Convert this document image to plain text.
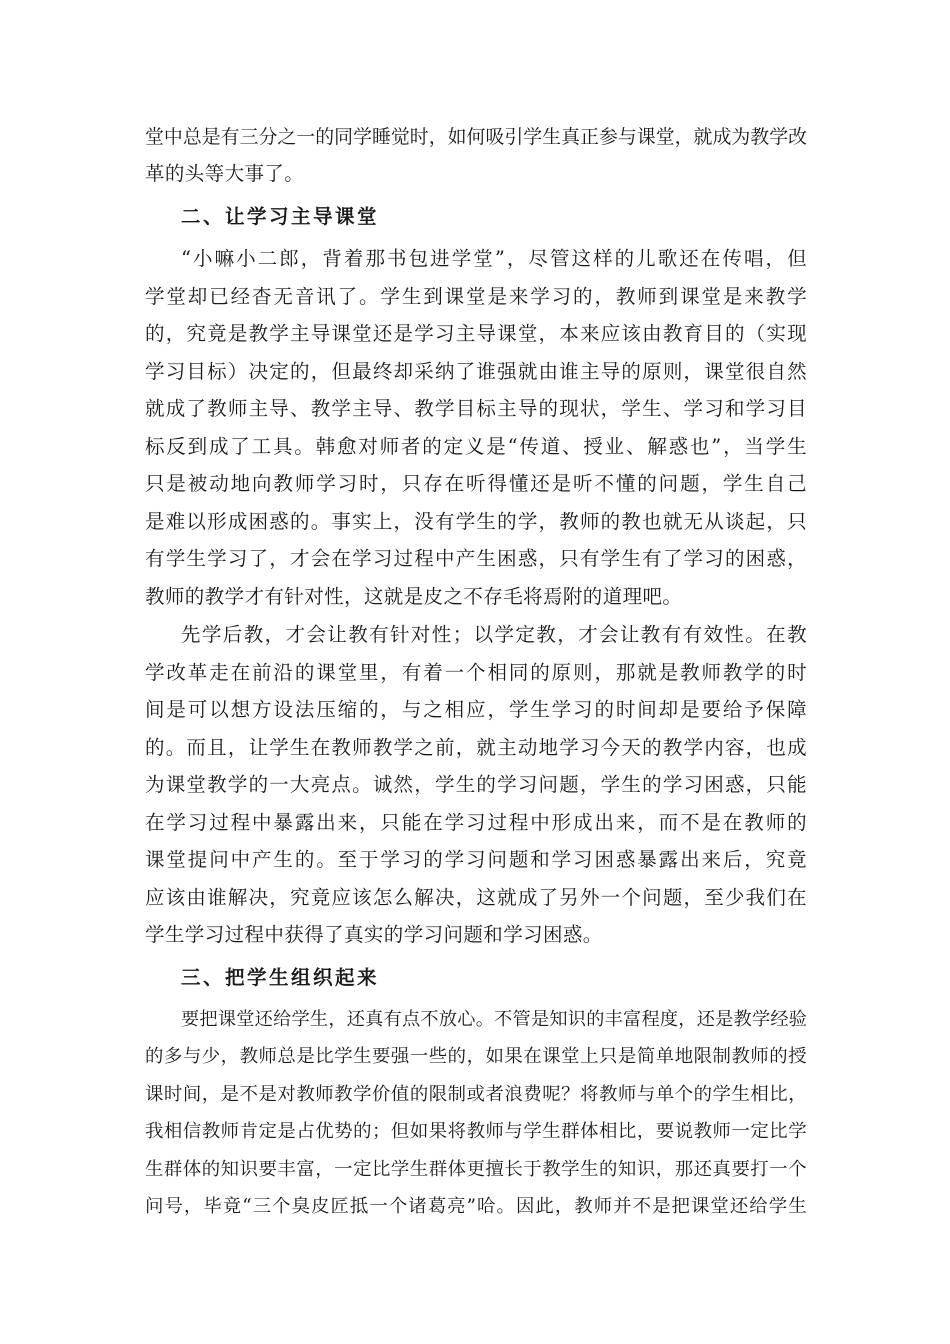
堂中总是有三分之一的同学睡觉时，如何吸引学生真正参与课堂，就成为教学改
革的头等大事了。
二、让学习主导课堂
“小嘛小二郎，背着那书包进学堂”，尽管这样的儿歌还在传唱，但
学堂却已经杳无音讯了。学生到课堂是来学习的，教师到课堂是来教学
的，究竟是教学主导课堂还是学习主导课堂，本来应该由教育目的（实现
学习目标）决定的，但最终却采纳了谁强就由谁主导的原则，课堂很自然
就成了教师主导、教学主导、教学目标主导的现状，学生、学习和学习目
标反到成了工具。韩愈对师者的定义是“传道、授业、解惑也”，当学生
只是被动地向教师学习时，只存在听得懂还是听不懂的问题，学生自己
是难以形成困惑的。事实上，没有学生的学，教师的教也就无从谈起，只
有学生学习了，才会在学习过程中产生困惑，只有学生有了学习的困惑，
教师的教学才有针对性，这就是皮之不存毛将焉附的道理吧。
先学后教，才会让教有针对性；以学定教，才会让教有有效性。在教
学改革走在前沿的课堂里，有着一个相同的原则，那就是教师教学的时
间是可以想方设法压缩的，与之相应，学生学习的时间却是要给予保障
的。而且，让学生在教师教学之前，就主动地学习今天的教学内容，也成
为课堂教学的一大亮点。诚然，学生的学习问题，学生的学习困惑，只能
在学习过程中暴露出来，只能在学习过程中形成出来，而不是在教师的
课堂提问中产生的。至于学习的学习问题和学习困惑暴露出来后，究竟
应该由谁解决，究竟应该怎么解决，这就成了另外一个问题，至少我们在
学生学习过程中获得了真实的学习问题和学习困惑。
三、把学生组织起来
要把课堂还给学生，还真有点不放心。不管是知识的丰富程度，还是教学经验
的多与少，教师总是比学生要强一些的，如果在课堂上只是简单地限制教师的授
课时间，是不是对教师教学价值的限制或者浪费呢？将教师与单个的学生相比，
我相信教师肯定是占优势的；但如果将教师与学生群体相比，要说教师一定比学
生群体的知识要丰富，一定比学生群体更擅长于教学生的知识，那还真要打一个
问号，毕竟“三个臭皮匠抵一个诸葛亮”哈。因此，教师并不是把课堂还给学生
